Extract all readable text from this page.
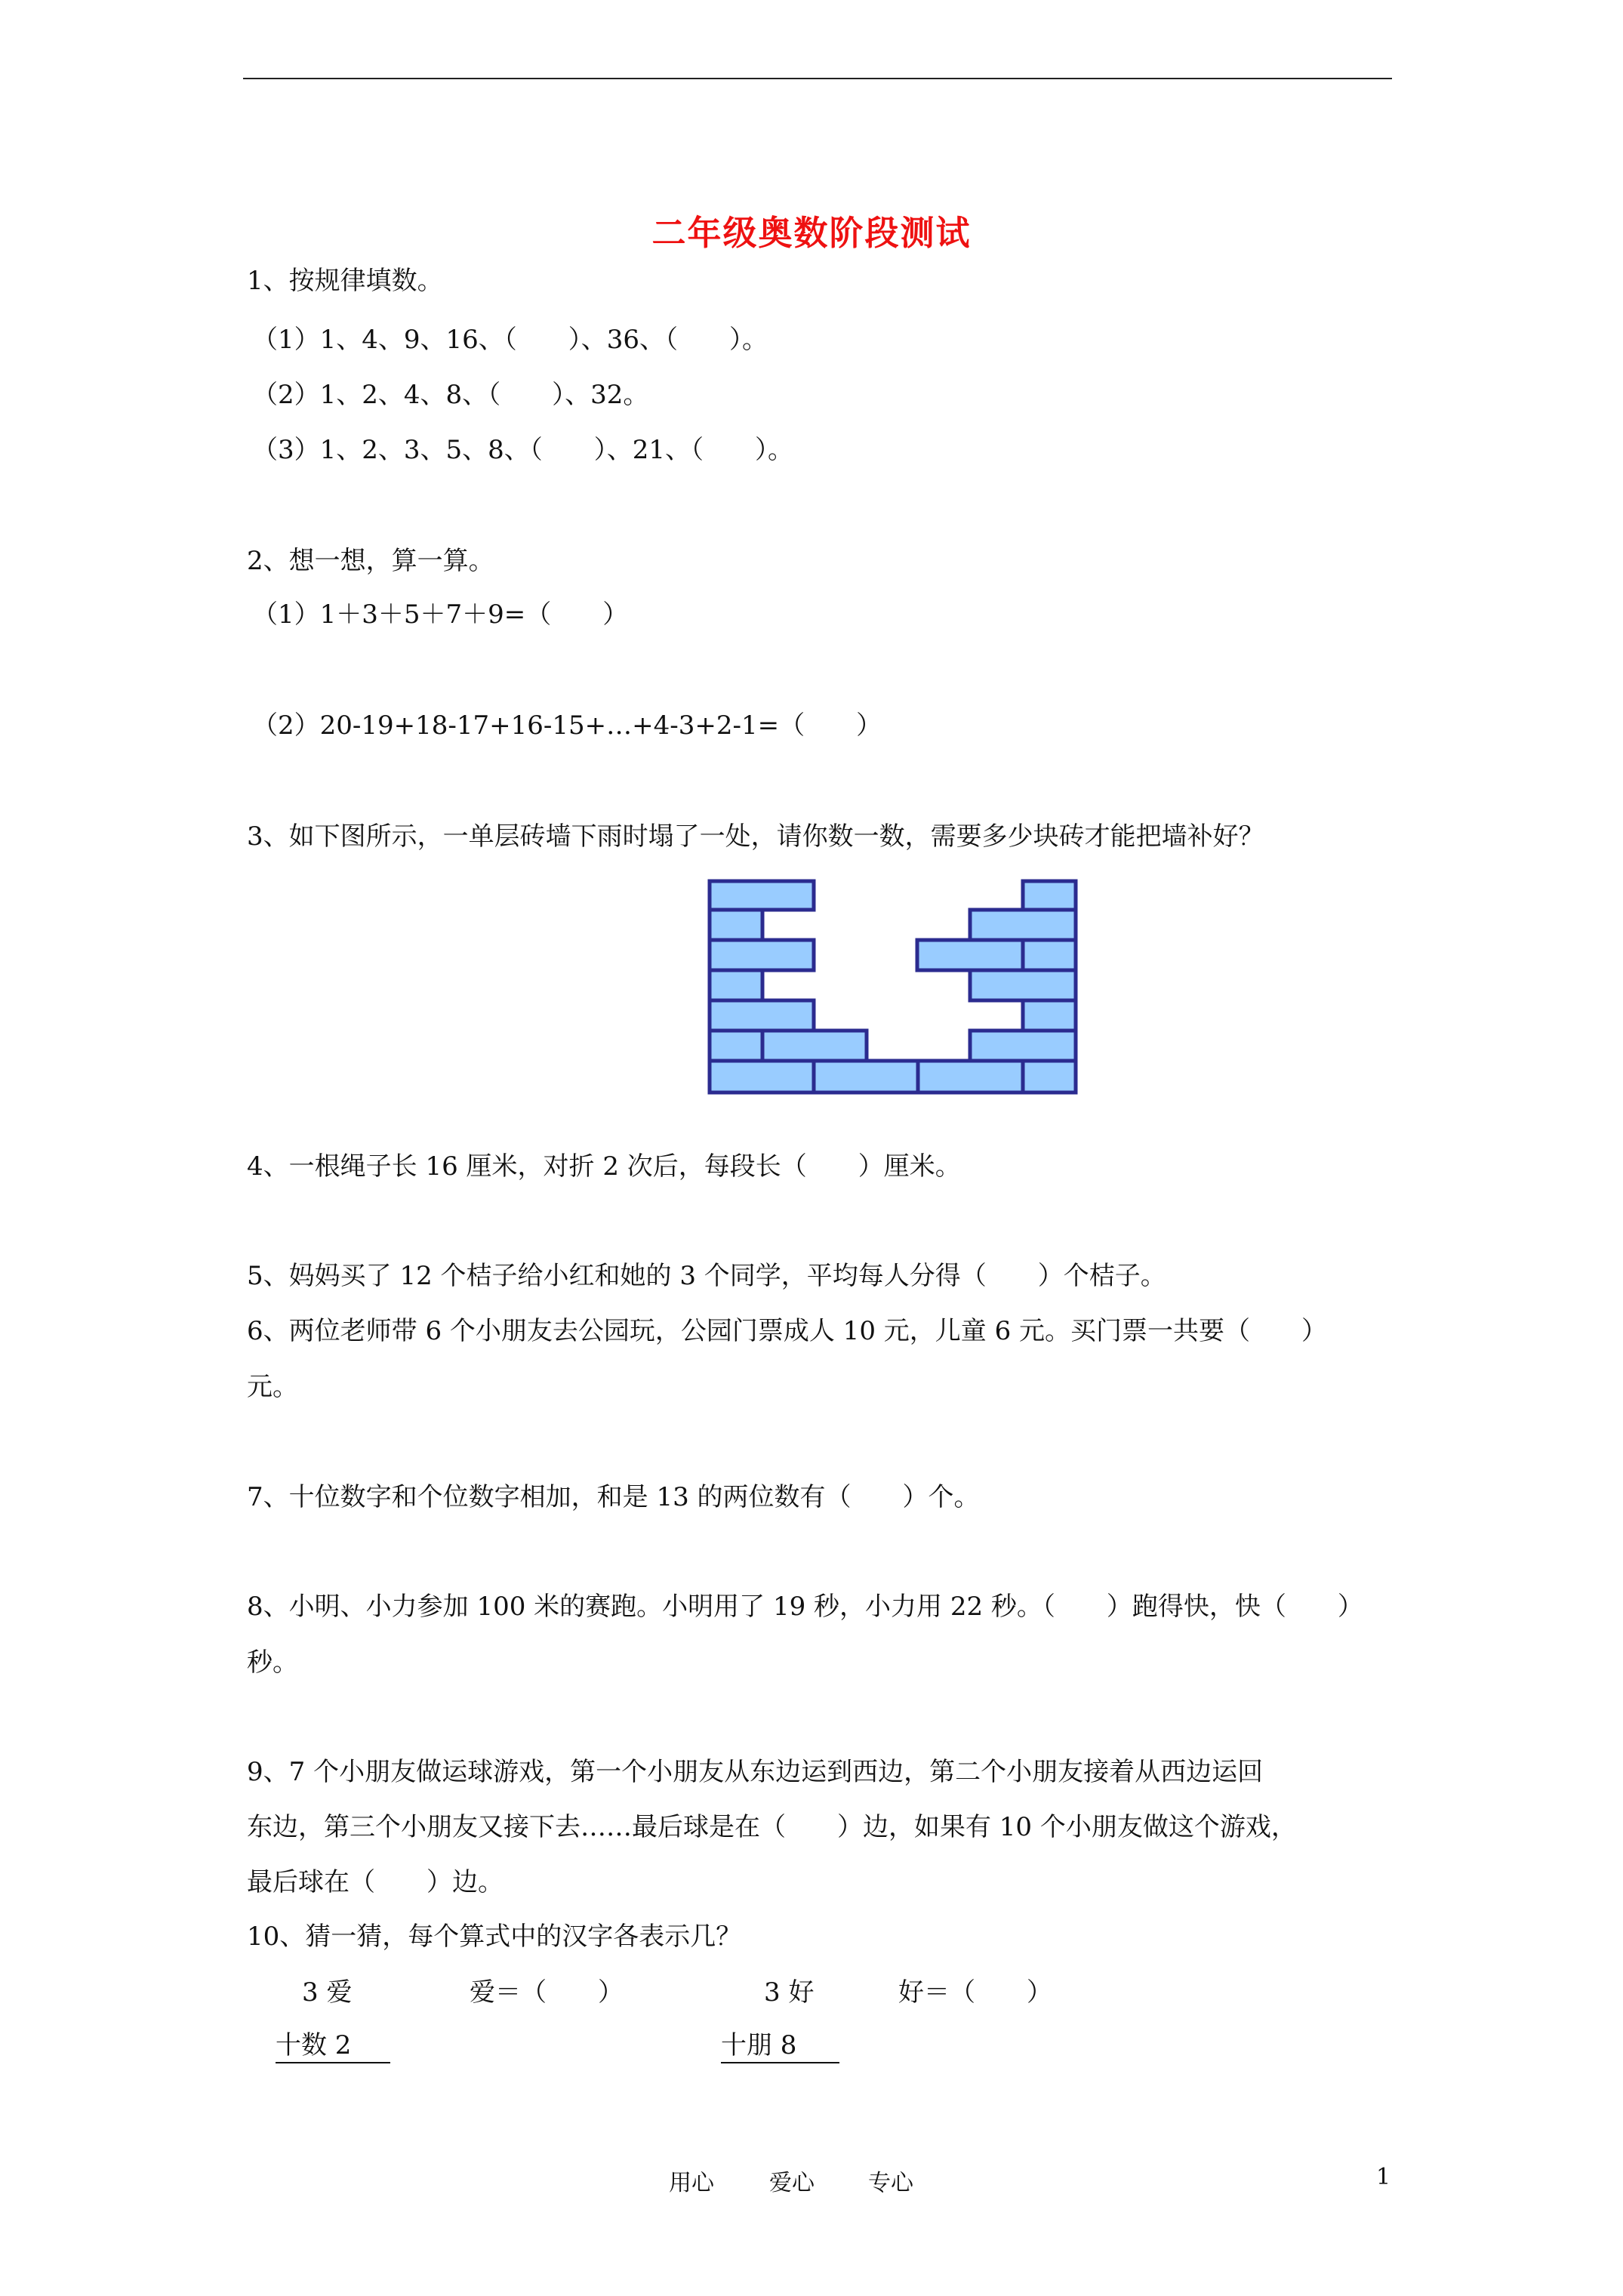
二年级奥数阶段测试
1、按规律填数。
（1）1、4、9、16、（　　）、36、（　　）。
（2）1、2、4、8、（　　）、32。
（3）1、2、3、5、8、（　　）、21、（　　）。
2、想一想，算一算。
（1）1＋3＋5＋7＋9=（　　）
（2）20-19+18-17+16-15+…+4-3+2-1=（　　）
3、如下图所示，一单层砖墙下雨时塌了一处，请你数一数，需要多少块砖才能把墙补好？
4、一根绳子长 16 厘米，对折 2 次后，每段长（　　）厘米。
5、妈妈买了 12 个桔子给小红和她的 3 个同学，平均每人分得（　　）个桔子。
6、两位老师带 6 个小朋友去公园玩，公园门票成人 10 元，儿童 6 元。买门票一共要（　　）
元。
7、十位数字和个位数字相加，和是 13 的两位数有（　　）个。
8、小明、小力参加 100 米的赛跑。小明用了 19 秒，小力用 22 秒。（　　）跑得快，快（　　）
秒。
9、7 个小朋友做运球游戏，第一个小朋友从东边运到西边，第二个小朋友接着从西边运回
东边，第三个小朋友又接下去……最后球是在（　　）边，如果有 10 个小朋友做这个游戏，
最后球在（　　）边。
10、猜一猜，每个算式中的汉字各表示几？
3 爱	爱＝（　　）	3 好	好＝（　　）
十数 2	十朋 8
用心 爱心 专心	1
